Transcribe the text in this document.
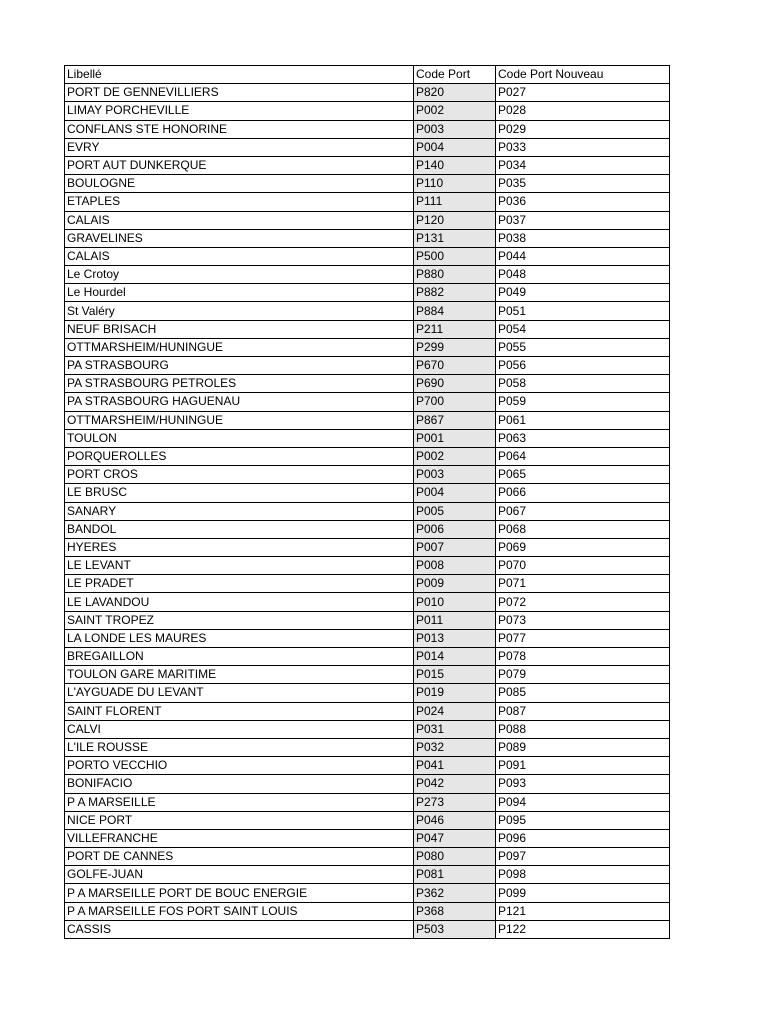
Libellé	Code Port	Code Port Nouveau
PORT DE GENNEVILLIERS	P820	P027
LIMAY PORCHEVILLE	P002	P028
CONFLANS STE HONORINE	P003	P029
EVRY	P004	P033
PORT AUT DUNKERQUE	P140	P034
BOULOGNE	P110	P035
ETAPLES	P111	P036
CALAIS	P120	P037
GRAVELINES	P131	P038
CALAIS	P500	P044
Le Crotoy	P880	P048
Le Hourdel	P882	P049
St Valéry	P884	P051
NEUF BRISACH	P211	P054
OTTMARSHEIM/HUNINGUE	P299	P055
PA STRASBOURG	P670	P056
PA STRASBOURG PETROLES	P690	P058
PA STRASBOURG HAGUENAU	P700	P059
OTTMARSHEIM/HUNINGUE	P867	P061
TOULON	P001	P063
PORQUEROLLES	P002	P064
PORT CROS	P003	P065
LE BRUSC	P004	P066
SANARY	P005	P067
BANDOL	P006	P068
HYERES	P007	P069
LE LEVANT	P008	P070
LE PRADET	P009	P071
LE LAVANDOU	P010	P072
SAINT TROPEZ	P011	P073
LA LONDE LES MAURES	P013	P077
BREGAILLON	P014	P078
TOULON GARE MARITIME	P015	P079
L'AYGUADE DU LEVANT	P019	P085
SAINT FLORENT	P024	P087
CALVI	P031	P088
L'ILE ROUSSE	P032	P089
PORTO VECCHIO	P041	P091
BONIFACIO	P042	P093
P A MARSEILLE	P273	P094
NICE PORT	P046	P095
VILLEFRANCHE	P047	P096
PORT DE CANNES	P080	P097
GOLFE-JUAN	P081	P098
P A MARSEILLE PORT DE BOUC ENERGIE	P362	P099
P A MARSEILLE FOS PORT SAINT LOUIS	P368	P121
CASSIS	P503	P122
